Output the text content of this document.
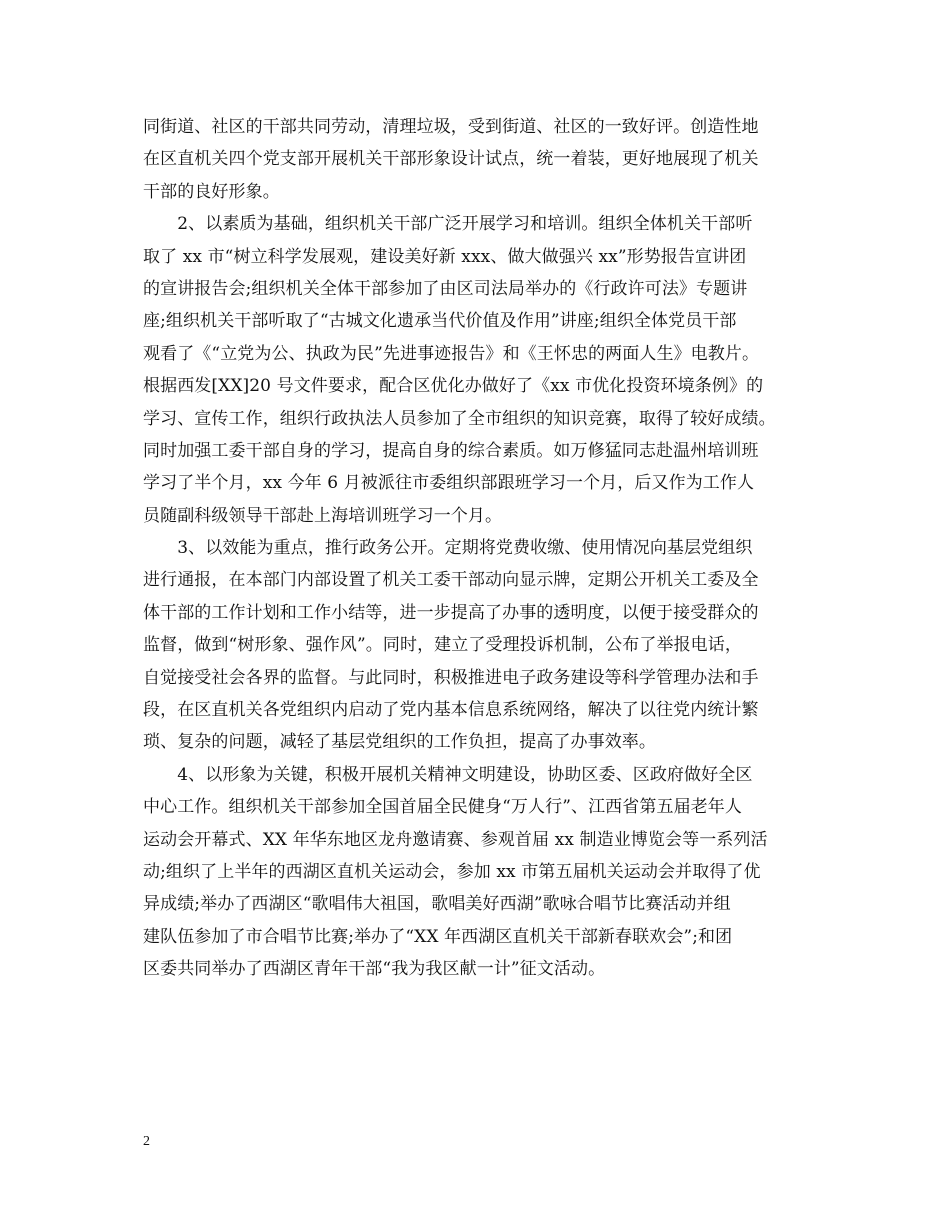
同街道、社区的干部共同劳动，清理垃圾，受到街道、社区的一致好评。创造性地
在区直机关四个党支部开展机关干部形象设计试点，统一着装，更好地展现了机关
干部的良好形象。
　　2、以素质为基础，组织机关干部广泛开展学习和培训。组织全体机关干部听
取了 xx 市“树立科学发展观，建设美好新 xxx、做大做强兴 xx”形势报告宣讲团
的宣讲报告会;组织机关全体干部参加了由区司法局举办的《行政许可法》专题讲
座;组织机关干部听取了“古城文化遗承当代价值及作用”讲座;组织全体党员干部
观看了《“立党为公、执政为民”先进事迹报告》和《王怀忠的两面人生》电教片。
根据西发[XX]20 号文件要求，配合区优化办做好了《xx 市优化投资环境条例》的
学习、宣传工作，组织行政执法人员参加了全市组织的知识竞赛，取得了较好成绩。
同时加强工委干部自身的学习，提高自身的综合素质。如万修猛同志赴温州培训班
学习了半个月，xx 今年 6 月被派往市委组织部跟班学习一个月，后又作为工作人
员随副科级领导干部赴上海培训班学习一个月。
　　3、以效能为重点，推行政务公开。定期将党费收缴、使用情况向基层党组织
进行通报，在本部门内部设置了机关工委干部动向显示牌，定期公开机关工委及全
体干部的工作计划和工作小结等，进一步提高了办事的透明度，以便于接受群众的
监督，做到“树形象、强作风”。同时，建立了受理投诉机制，公布了举报电话，
自觉接受社会各界的监督。与此同时，积极推进电子政务建设等科学管理办法和手
段，在区直机关各党组织内启动了党内基本信息系统网络，解决了以往党内统计繁
琐、复杂的问题，减轻了基层党组织的工作负担，提高了办事效率。
　　4、以形象为关键，积极开展机关精神文明建设，协助区委、区政府做好全区
中心工作。组织机关干部参加全国首届全民健身“万人行”、江西省第五届老年人
运动会开幕式、XX 年华东地区龙舟邀请赛、参观首届 xx 制造业博览会等一系列活
动;组织了上半年的西湖区直机关运动会，参加 xx 市第五届机关运动会并取得了优
异成绩;举办了西湖区“歌唱伟大祖国，歌唱美好西湖”歌咏合唱节比赛活动并组
建队伍参加了市合唱节比赛;举办了“XX 年西湖区直机关干部新春联欢会”;和团
区委共同举办了西湖区青年干部“我为我区献一计”征文活动。
2
